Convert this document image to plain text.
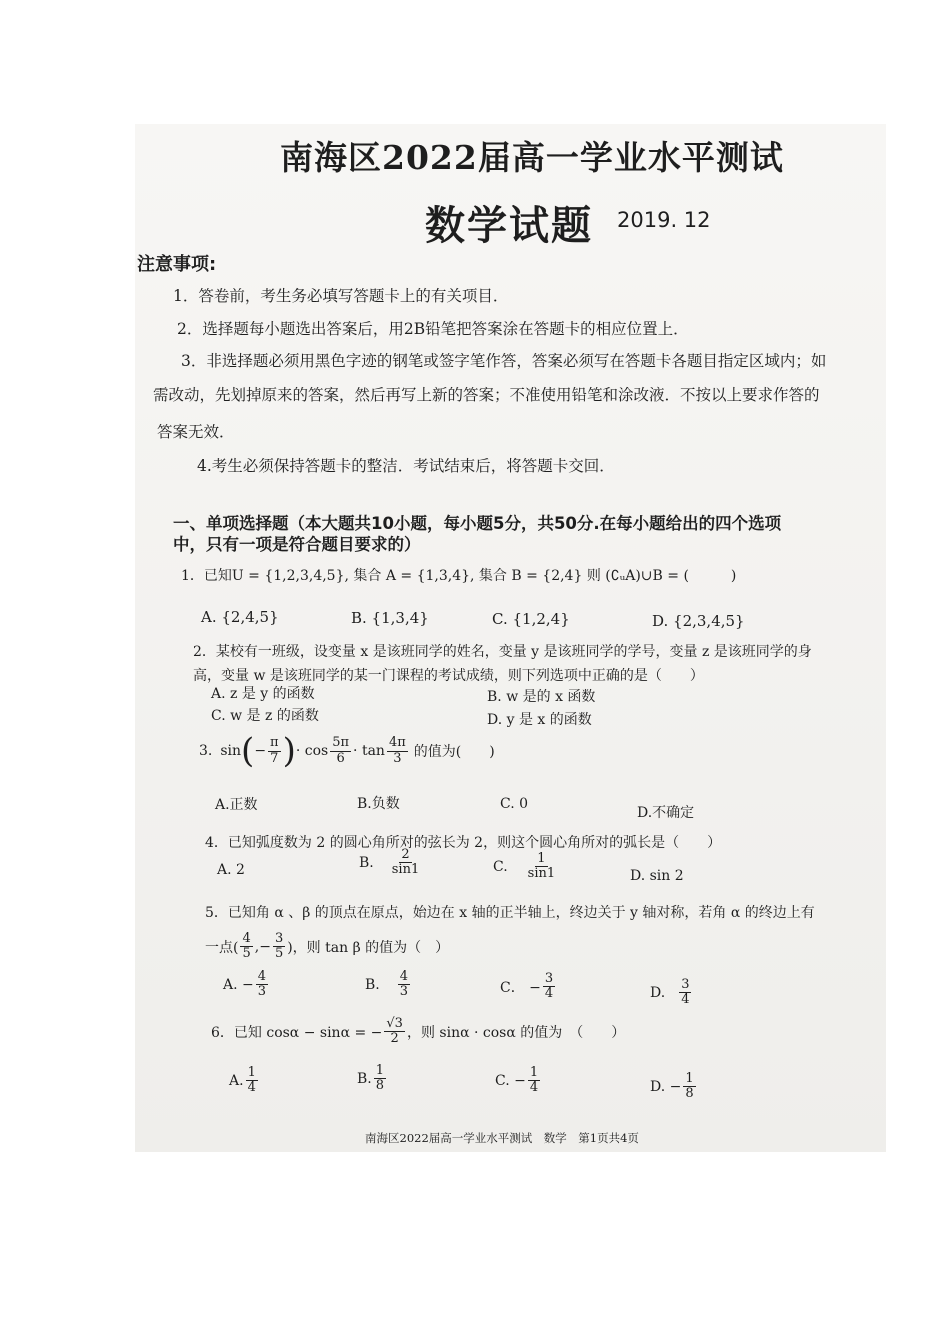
南海区2022届高一学业水平测试
数学试题 2019. 12
注意事项:
1．答卷前，考生务必填写答题卡上的有关项目．
2．选择题每小题选出答案后，用2B铅笔把答案涂在答题卡的相应位置上．
3．非选择题必须用黑色字迹的钢笔或签字笔作答，答案必须写在答题卡各题目指定区域内；如
需改动，先划掉原来的答案，然后再写上新的答案；不准使用铅笔和涂改液．不按以上要求作答的
答案无效．
4.考生必须保持答题卡的整洁．考试结束后，将答题卡交回．
一、单项选择题（本大题共10小题，每小题5分，共50分.在每小题给出的四个选项
中，只有一项是符合题目要求的）
1．已知U = {1,2,3,4,5}, 集合 A = {1,3,4}, 集合 B = {2,4} 则 (∁ᵤA)∪B = (　　　)
A. {2,4,5}	B. {1,3,4}	C. {1,2,4}	D. {2,3,4,5}
2．某校有一班级，设变量 x 是该班同学的姓名，变量 y 是该班同学的学号，变量 z 是该班同学的身
高，变量 w 是该班同学的某一门课程的考试成绩，则下列选项中正确的是（　　）
A. z 是 y 的函数	B. w 是的 x 函数
C. w 是 z 的函数	D. y 是 x 的函数
3. sin ( − $\frac{\pi}{7}$ ) · $\cos \frac{5\pi}{6} \cdot \tan \frac{4\pi}{3}$ 的值为(　　)
A.正数	B.负数	C. 0
D.不确定
4．已知弧度数为 2 的圆心角所对的弦长为 2，则这个圆心角所对的弧长是（　　）
A. 2	B. $\frac{2}{\sin 1}$	C. $\frac{1}{\sin 1}$	D. sin 2
5．已知角 α 、β 的顶点在原点，始边在 x 轴的正半轴上，终边关于 y 轴对称，若角 α 的终边上有
一点( $\frac{4}{5}$ ,− $\frac{3}{5}$ )，则 tan β 的值为（　）
A. − $\frac{4}{3}$	B. $\frac{4}{3}$	C． − $\frac{3}{4}$	D. $\frac{3}{4}$
6．已知 cosα − sinα = − $\frac{√3}{2}$ ，则 sinα · cosα 的值为　（　　）
A. $\frac{1}{4}$	B. $\frac{1}{8}$	C. − $\frac{1}{4}$	D. − $\frac{1}{8}$
南海区2022届高一学业水平测试　数学　第1页共4页
